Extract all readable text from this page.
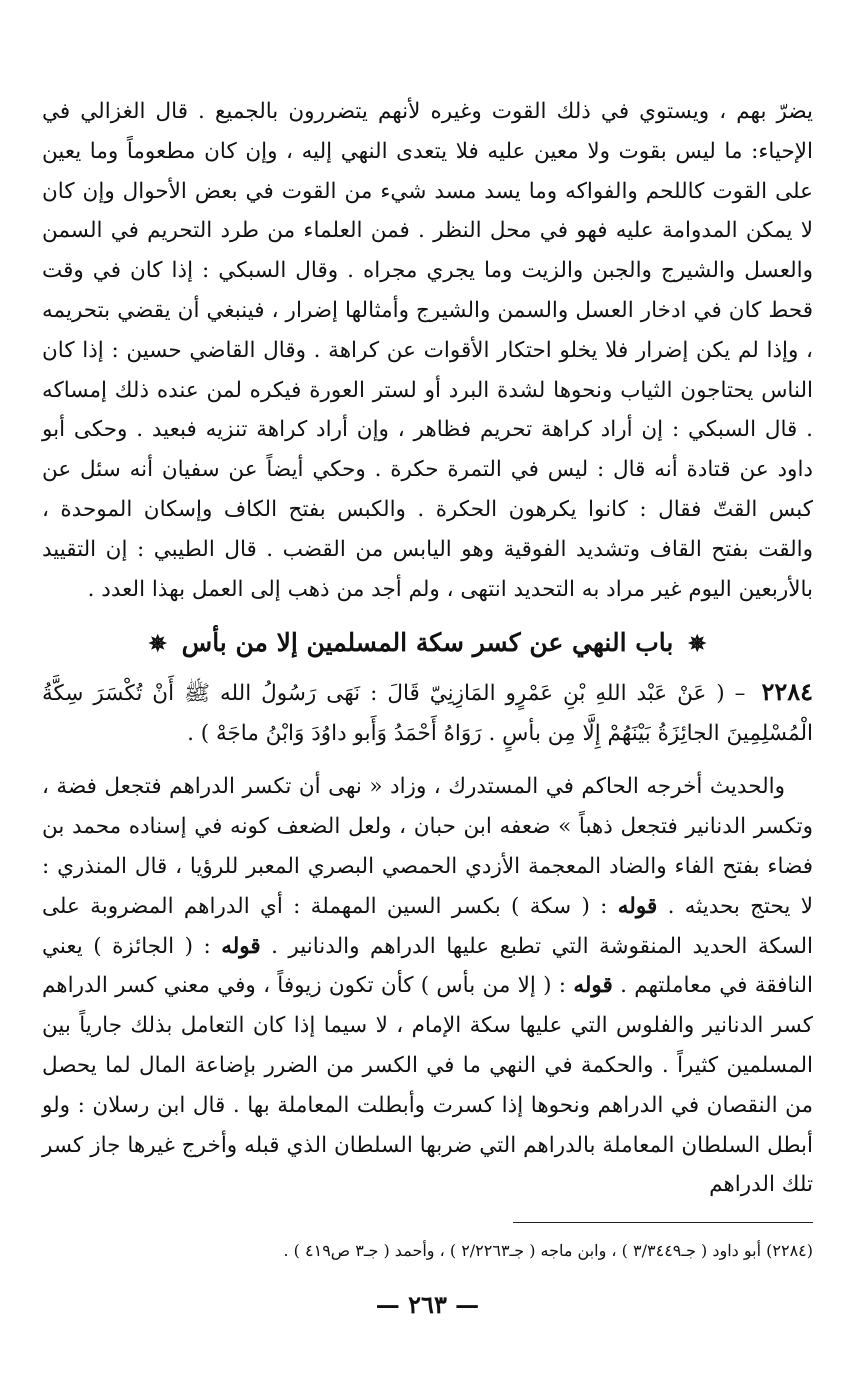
يضرّ بهم ، ويستوي في ذلك القوت وغيره لأنهم يتضررون بالجميع . قال الغزالي في الإحياء: ما ليس بقوت ولا معين عليه فلا يتعدى النهي إليه ، وإن كان مطعوماً وما يعين على القوت كاللحم والفواكه وما يسد مسد شيء من القوت في بعض الأحوال وإن كان لا يمكن المدوامة عليه فهو في محل النظر . فمن العلماء من طرد التحريم في السمن والعسل والشيرج والجبن والزيت وما يجري مجراه . وقال السبكي : إذا كان في وقت قحط كان في ادخار العسل والسمن والشيرج وأمثالها إضرار ، فينبغي أن يقضي بتحريمه ، وإذا لم يكن إضرار فلا يخلو احتكار الأقوات عن كراهة . وقال القاضي حسين : إذا كان الناس يحتاجون الثياب ونحوها لشدة البرد أو لستر العورة فيكره لمن عنده ذلك إمساكه . قال السبكي : إن أراد كراهة تحريم فظاهر ، وإن أراد كراهة تنزيه فبعيد . وحكى أبو داود عن قتادة أنه قال : ليس في التمرة حكرة . وحكي أيضاً عن سفيان أنه سئل عن كبس القتّ فقال : كانوا يكرهون الحكرة . والكبس بفتح الكاف وإسكان الموحدة ، والقت بفتح القاف وتشديد الفوقية وهو اليابس من القضب . قال الطيبي : إن التقييد بالأربعين اليوم غير مراد به التحديد انتهى ، ولم أجد من ذهب إلى العمل بهذا العدد .

✵ باب النهي عن كسر سكة المسلمين إلا من بأس ✵

٢٢٨٤ – ( عَنْ عَبْد اللهِ بْنِ عَمْرٍو المَازِنِيّ قَالَ : نَهَى رَسُولُ الله ﷺ أَنْ تُكْسَرَ سِكَّةُ الْمُسْلِمِينَ الجائِزَةُ بَيْنَهُمْ إِلَّا مِن بأسٍ . رَوَاهُ أَحْمَدُ وَأَبو داوُدَ وَابْنُ ماجَهْ ) .

والحديث أخرجه الحاكم في المستدرك ، وزاد « نهى أن تكسر الدراهم فتجعل فضة ، وتكسر الدنانير فتجعل ذهباً » ضعفه ابن حبان ، ولعل الضعف كونه في إسناده محمد بن فضاء بفتح الفاء والضاد المعجمة الأزدي الحمصي البصري المعبر للرؤيا ، قال المنذري : لا يحتج بحديثه . قوله : ( سكة ) بكسر السين المهملة : أي الدراهم المضروبة على السكة الحديد المنقوشة التي تطبع عليها الدراهم والدنانير . قوله : ( الجائزة ) يعني النافقة في معاملتهم . قوله : ( إلا من بأس ) كأن تكون زيوفاً ، وفي معني كسر الدراهم كسر الدنانير والفلوس التي عليها سكة الإمام ، لا سيما إذا كان التعامل بذلك جارياً بين المسلمين كثيراً . والحكمة في النهي ما في الكسر من الضرر بإضاعة المال لما يحصل من النقصان في الدراهم ونحوها إذا كسرت وأبطلت المعاملة بها . قال ابن رسلان : ولو أبطل السلطان المعاملة بالدراهم التي ضربها السلطان الذي قبله وأخرج غيرها جاز كسر تلك الدراهم

(٢٢٨٤) أبو داود ( جـ٣/٣٤٤٩ ) ، وابن ماجه ( جـ٢/٢٢٦٣ ) ، وأحمد ( جـ٣ ص٤١٩ ) .
— ٢٦٣ —
